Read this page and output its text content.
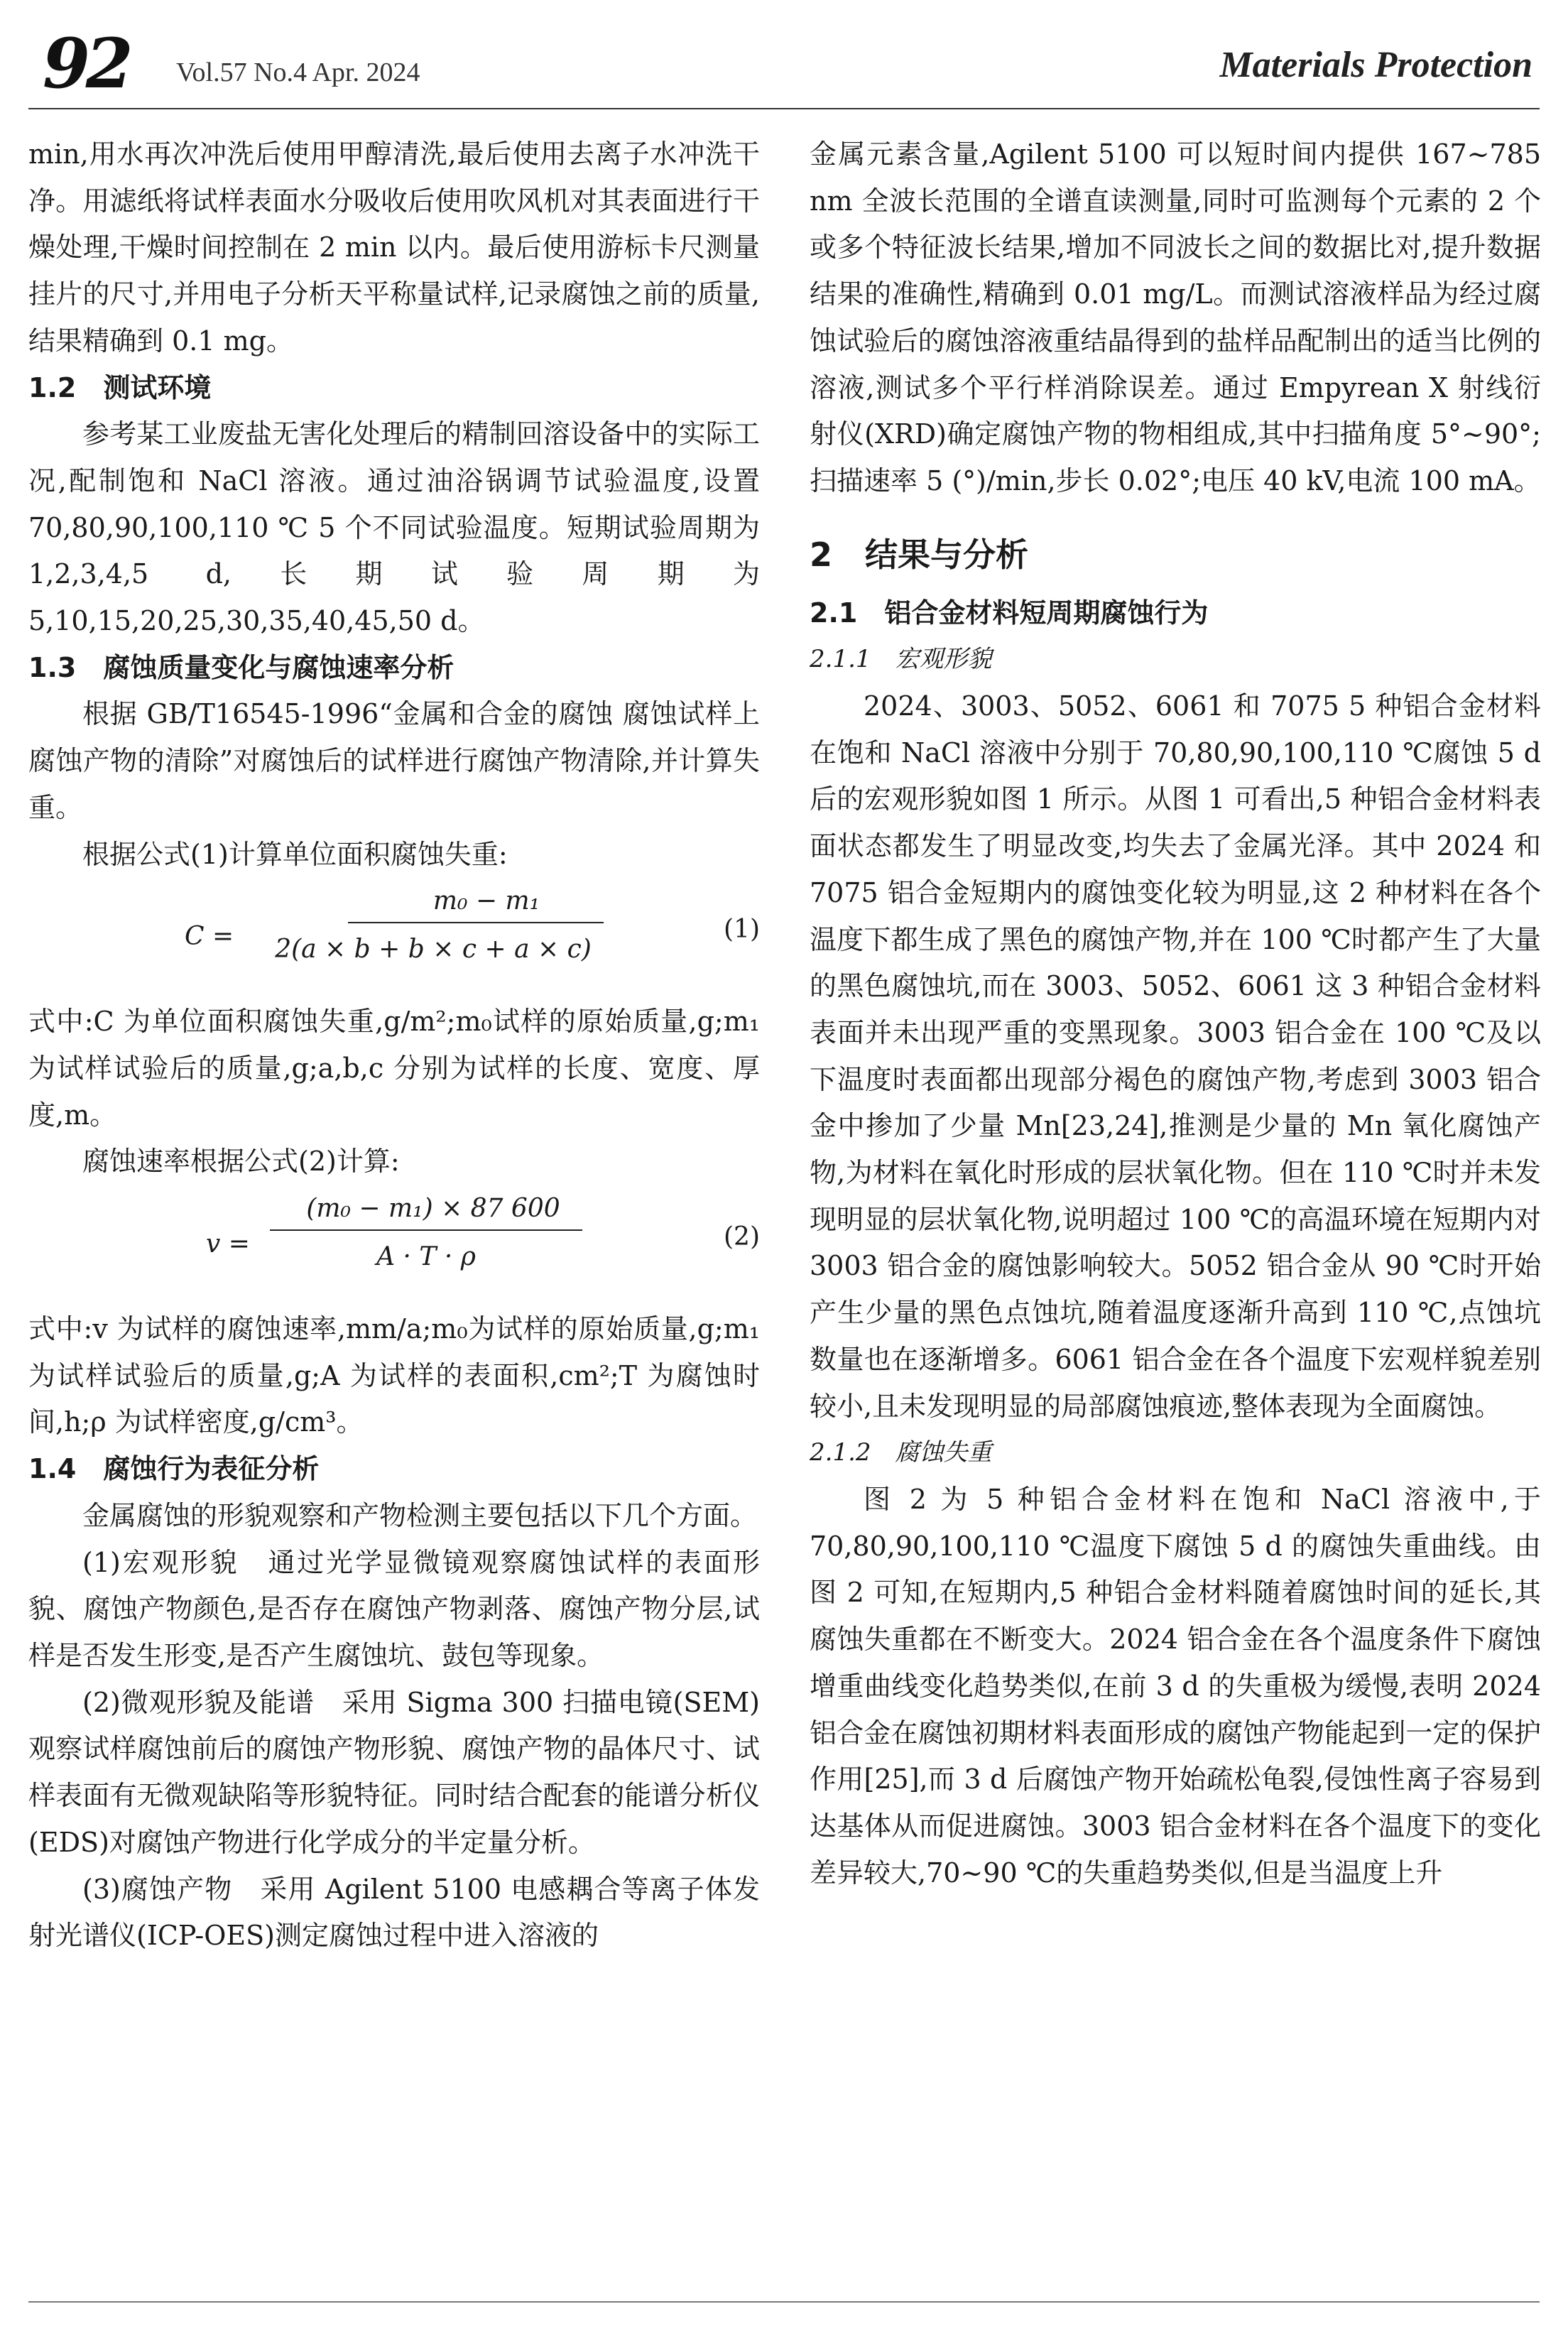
92 Vol.57 No.4 Apr. 2024	Materials Protection

min,用水再次冲洗后使用甲醇清洗,最后使用去离子水冲洗干净。用滤纸将试样表面水分吸收后使用吹风机对其表面进行干燥处理,干燥时间控制在 2 min 以内。最后使用游标卡尺测量挂片的尺寸,并用电子分析天平称量试样,记录腐蚀之前的质量,结果精确到 0.1 mg。

1.2　测试环境

参考某工业废盐无害化处理后的精制回溶设备中的实际工况,配制饱和 NaCl 溶液。通过油浴锅调节试验温度,设置 70,80,90,100,110 ℃ 5 个不同试验温度。短期试验周期为 1,2,3,4,5 d,长期试验周期为 5,10,15,20,25,30,35,40,45,50 d。

1.3　腐蚀质量变化与腐蚀速率分析

根据 GB/T16545-1996“金属和合金的腐蚀 腐蚀试样上腐蚀产物的清除”对腐蚀后的试样进行腐蚀产物清除,并计算失重。

根据公式(1)计算单位面积腐蚀失重:

C =
m₀ − m₁
2(a × b + b × c + a × c)
(1)

式中:C 为单位面积腐蚀失重,g/m²;m₀试样的原始质量,g;m₁为试样试验后的质量,g;a,b,c 分别为试样的长度、宽度、厚度,m。

腐蚀速率根据公式(2)计算:

v =
(m₀ − m₁) × 87 600
A · T · ρ
(2)

式中:v 为试样的腐蚀速率,mm/a;m₀为试样的原始质量,g;m₁为试样试验后的质量,g;A 为试样的表面积,cm²;T 为腐蚀时间,h;ρ 为试样密度,g/cm³。

1.4　腐蚀行为表征分析

金属腐蚀的形貌观察和产物检测主要包括以下几个方面。

(1)宏观形貌　通过光学显微镜观察腐蚀试样的表面形貌、腐蚀产物颜色,是否存在腐蚀产物剥落、腐蚀产物分层,试样是否发生形变,是否产生腐蚀坑、鼓包等现象。

(2)微观形貌及能谱　采用 Sigma 300 扫描电镜(SEM)观察试样腐蚀前后的腐蚀产物形貌、腐蚀产物的晶体尺寸、试样表面有无微观缺陷等形貌特征。同时结合配套的能谱分析仪(EDS)对腐蚀产物进行化学成分的半定量分析。

(3)腐蚀产物　采用 Agilent 5100 电感耦合等离子体发射光谱仪(ICP-OES)测定腐蚀过程中进入溶液的

金属元素含量,Agilent 5100 可以短时间内提供 167~785 nm 全波长范围的全谱直读测量,同时可监测每个元素的 2 个或多个特征波长结果,增加不同波长之间的数据比对,提升数据结果的准确性,精确到 0.01 mg/L。而测试溶液样品为经过腐蚀试验后的腐蚀溶液重结晶得到的盐样品配制出的适当比例的溶液,测试多个平行样消除误差。通过 Empyrean X 射线衍射仪(XRD)确定腐蚀产物的物相组成,其中扫描角度 5°~90°;扫描速率 5 (°)/min,步长 0.02°;电压 40 kV,电流 100 mA。

2　结果与分析

2.1　铝合金材料短周期腐蚀行为

2.1.1　宏观形貌

2024、3003、5052、6061 和 7075 5 种铝合金材料在饱和 NaCl 溶液中分别于 70,80,90,100,110 ℃腐蚀 5 d 后的宏观形貌如图 1 所示。从图 1 可看出,5 种铝合金材料表面状态都发生了明显改变,均失去了金属光泽。其中 2024 和 7075 铝合金短期内的腐蚀变化较为明显,这 2 种材料在各个温度下都生成了黑色的腐蚀产物,并在 100 ℃时都产生了大量的黑色腐蚀坑,而在 3003、5052、6061 这 3 种铝合金材料表面并未出现严重的变黑现象。3003 铝合金在 100 ℃及以下温度时表面都出现部分褐色的腐蚀产物,考虑到 3003 铝合金中掺加了少量 Mn[23,24],推测是少量的 Mn 氧化腐蚀产物,为材料在氧化时形成的层状氧化物。但在 110 ℃时并未发现明显的层状氧化物,说明超过 100 ℃的高温环境在短期内对 3003 铝合金的腐蚀影响较大。5052 铝合金从 90 ℃时开始产生少量的黑色点蚀坑,随着温度逐渐升高到 110 ℃,点蚀坑数量也在逐渐增多。6061 铝合金在各个温度下宏观样貌差别较小,且未发现明显的局部腐蚀痕迹,整体表现为全面腐蚀。

2.1.2　腐蚀失重

图 2 为 5 种铝合金材料在饱和 NaCl 溶液中,于 70,80,90,100,110 ℃温度下腐蚀 5 d 的腐蚀失重曲线。由图 2 可知,在短期内,5 种铝合金材料随着腐蚀时间的延长,其腐蚀失重都在不断变大。2024 铝合金在各个温度条件下腐蚀增重曲线变化趋势类似,在前 3 d 的失重极为缓慢,表明 2024 铝合金在腐蚀初期材料表面形成的腐蚀产物能起到一定的保护作用[25],而 3 d 后腐蚀产物开始疏松龟裂,侵蚀性离子容易到达基体从而促进腐蚀。3003 铝合金材料在各个温度下的变化差异较大,70~90 ℃的失重趋势类似,但是当温度上升
